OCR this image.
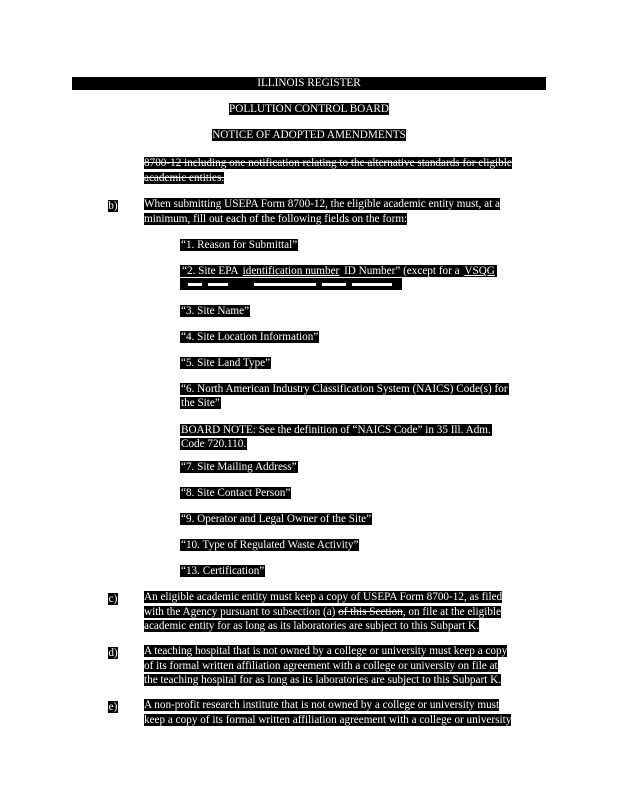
ILLINOIS REGISTER
POLLUTION CONTROL BOARD
NOTICE OF ADOPTED AMENDMENTS
8700-12 including one notification relating to the alternative standards for eligible
academic entities.
b) When submitting USEPA Form 8700-12, the eligible academic entity must, at a
minimum, fill out each of the following fields on the form:
“1. Reason for Submittal”
“2. Site EPA identification number ID Number” (except for a VSQG

“3. Site Name”
“4. Site Location Information”
“5. Site Land Type”
“6. North American Industry Classification System (NAICS) Code(s) for
the Site”
BOARD NOTE: See the definition of “NAICS Code” in 35 Ill. Adm.
Code 720.110.
“7. Site Mailing Address”
“8. Site Contact Person”
“9. Operator and Legal Owner of the Site”
“10. Type of Regulated Waste Activity”
“13. Certification”
c) An eligible academic entity must keep a copy of USEPA Form 8700-12, as filed
with the Agency pursuant to subsection (a) of this Section, on file at the eligible
academic entity for as long as its laboratories are subject to this Subpart K.
d) A teaching hospital that is not owned by a college or university must keep a copy
of its formal written affiliation agreement with a college or university on file at
the teaching hospital for as long as its laboratories are subject to this Subpart K.
e) A non-profit research institute that is not owned by a college or university must
keep a copy of its formal written affiliation agreement with a college or university
